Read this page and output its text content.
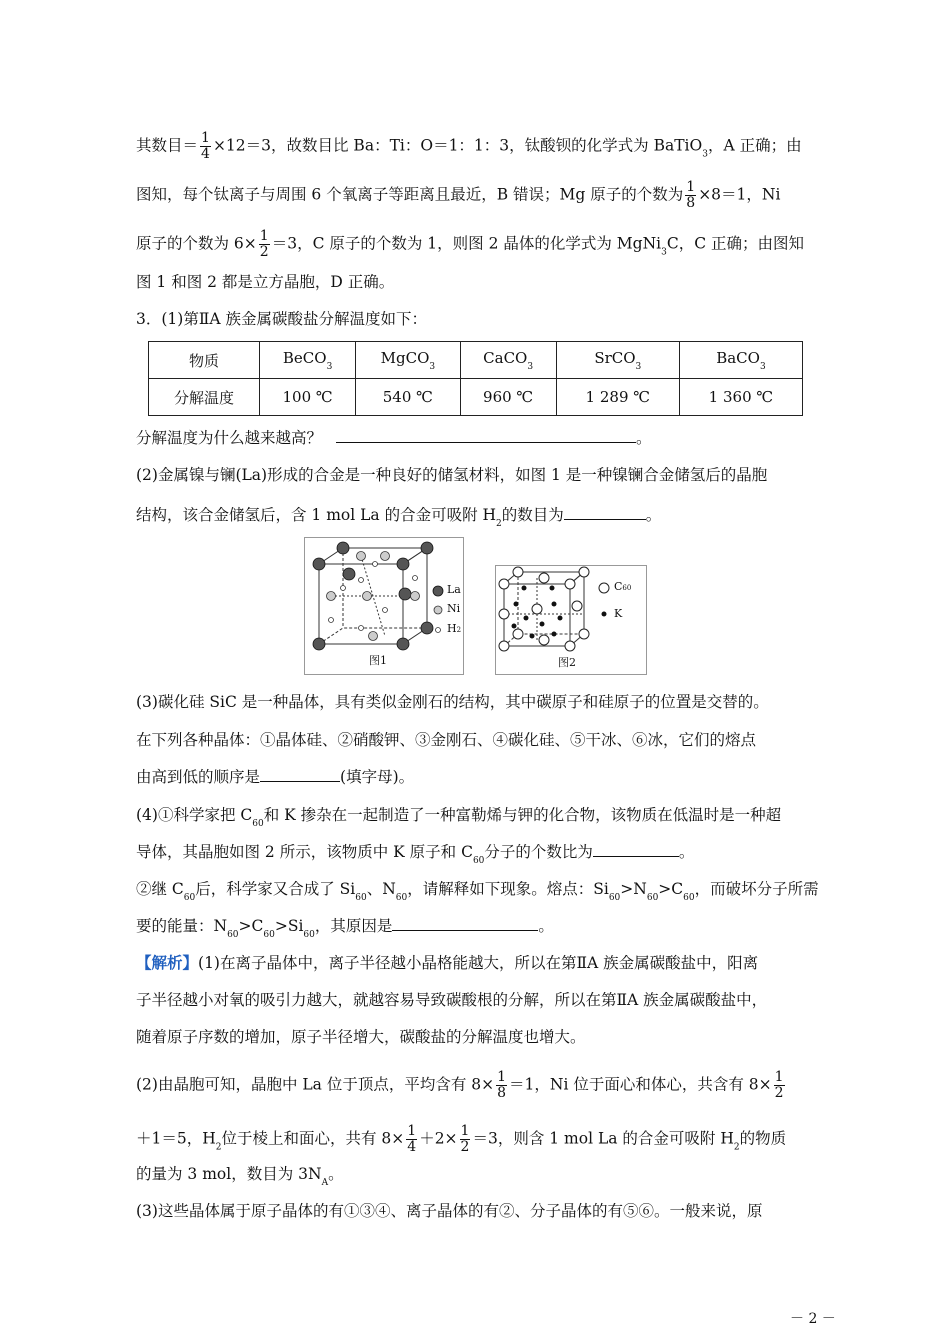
其数目＝ $\frac{1}{4} \times 12=3$，故数目比 Ba：Ti：O＝1：1：3，钛酸钡的化学式为 BaTiO$_3$，A 正确；由
图知，每个钛离子与周围 6 个氧离子等距离且最近，B 错误；Mg 原子的个数为 $\frac{1}{8} \times 8=1$，Ni
原子的个数为 $6\times \frac{1}{2} =3$，C 原子的个数为 1，则图 2 晶体的化学式为 MgNi$_3$C，C 正确；由图知
图 1 和图 2 都是立方晶胞，D 正确。
3．(1)第ⅡA 族金属碳酸盐分解温度如下：
物质	BeCO$_3$	MgCO$_3$	CaCO$_3$	SrCO$_3$	BaCO$_3$
分解温度	100 ℃	540 ℃	960 ℃	1 289 ℃	1 360 ℃
分解温度为什么越来越高？	。
(2)金属镍与镧(La)形成的合金是一种良好的储氢材料，如图 1 是一种镍镧合金储氢后的晶胞
结构，该合金储氢后，含 1 mol La 的合金可吸附 $H_2$的数目为	。
La
Ni
H2
图1
C60
K
图2
(3)碳化硅 SiC 是一种晶体，具有类似金刚石的结构，其中碳原子和硅原子的位置是交替的。
在下列各种晶体：①晶体硅、②硝酸钾、③金刚石、④碳化硅、⑤干冰、⑥冰，它们的熔点
由高到低的顺序是	(填字母)。
(4)①科学家把 $C_{60}$和 K 掺杂在一起制造了一种富勒烯与钾的化合物，该物质在低温时是一种超
导体，其晶胞如图 2 所示，该物质中 K 原子和 $C_{60}$分子的个数比为	。
②继 $C_{60}$后，科学家又合成了 $Si_{60}$、$N_{60}$，请解释如下现象。熔点：$Si_{60}>N_{60}>C_{60}$，而破坏分子所需
要的能量：$N_{60}>C_{60}>Si_{60}$，其原因是	。
【解析】(1)在离子晶体中，离子半径越小晶格能越大，所以在第ⅡA 族金属碳酸盐中，阳离
子半径越小对氧的吸引力越大，就越容易导致碳酸根的分解，所以在第ⅡA 族金属碳酸盐中，
随着原子序数的增加，原子半径增大，碳酸盐的分解温度也增大。
(2)由晶胞可知，晶胞中 La 位于顶点，平均含有 $8\times \frac{1}{8} =1$，Ni 位于面心和体心，共含有 $8\times \frac{1}{2}$
＋1＝5，$H_2$位于棱上和面心，共有 $8\times \frac{1}{4} +2\times \frac{1}{2} =3$，则含 1 mol La 的合金可吸附 $H_2$的物质
的量为 3 mol，数目为 $3N_A$。
(3)这些晶体属于原子晶体的有①③④、离子晶体的有②、分子晶体的有⑤⑥。一般来说，原
－ 2 －
